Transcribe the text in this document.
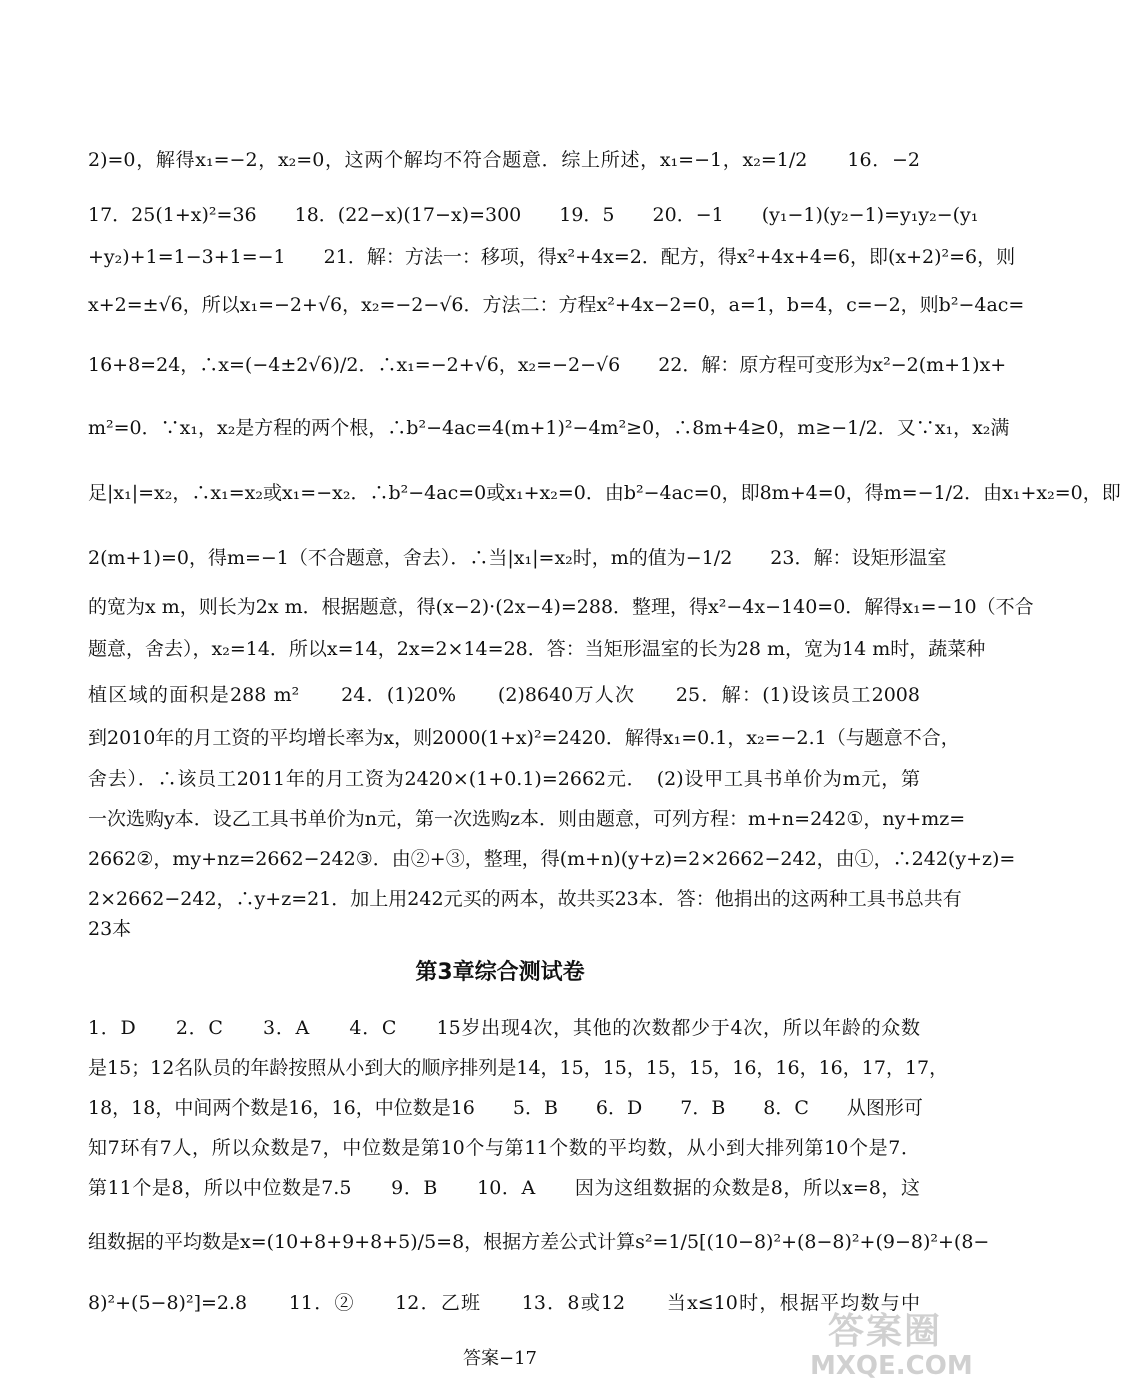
2)=0，解得x₁=−2，x₂=0，这两个解均不符合题意．综上所述，x₁=−1，x₂=1/2　　16．−2
17．25(1+x)²=36　　18．(22−x)(17−x)=300　　19．5　　20．−1　　(y₁−1)(y₂−1)=y₁y₂−(y₁
+y₂)+1=1−3+1=−1　　21．解：方法一：移项，得x²+4x=2．配方，得x²+4x+4=6，即(x+2)²=6，则
x+2=±√6，所以x₁=−2+√6，x₂=−2−√6．方法二：方程x²+4x−2=0，a=1，b=4，c=−2，则b²−4ac=
16+8=24，∴x=(−4±2√6)/2．∴x₁=−2+√6，x₂=−2−√6　　22．解：原方程可变形为x²−2(m+1)x+
m²=0．∵x₁，x₂是方程的两个根，∴b²−4ac=4(m+1)²−4m²≥0，∴8m+4≥0，m≥−1/2．又∵x₁，x₂满
足|x₁|=x₂，∴x₁=x₂或x₁=−x₂．∴b²−4ac=0或x₁+x₂=0．由b²−4ac=0，即8m+4=0，得m=−1/2．由x₁+x₂=0，即
2(m+1)=0，得m=−1（不合题意，舍去）．∴当|x₁|=x₂时，m的值为−1/2　　23．解：设矩形温室
的宽为x m，则长为2x m．根据题意，得(x−2)·(2x−4)=288．整理，得x²−4x−140=0．解得x₁=−10（不合
题意，舍去），x₂=14．所以x=14，2x=2×14=28．答：当矩形温室的长为28 m，宽为14 m时，蔬菜种
植区域的面积是288 m²　　24．(1)20%　　(2)8640万人次　　25．解：(1)设该员工2008
到2010年的月工资的平均增长率为x，则2000(1+x)²=2420．解得x₁=0.1，x₂=−2.1（与题意不合，
舍去）．∴该员工2011年的月工资为2420×(1+0.1)=2662元．　(2)设甲工具书单价为m元，第
一次选购y本．设乙工具书单价为n元，第一次选购z本．则由题意，可列方程：m+n=242①，ny+mz=
2662②，my+nz=2662−242③．由②+③，整理，得(m+n)(y+z)=2×2662−242，由①，∴242(y+z)=
2×2662−242，∴y+z=21．加上用242元买的两本，故共买23本．答：他捐出的这两种工具书总共有
23本
第3章综合测试卷
1．D　　2．C　　3．A　　4．C　　15岁出现4次，其他的次数都少于4次，所以年龄的众数
是15；12名队员的年龄按照从小到大的顺序排列是14，15，15，15，15，16，16，16，17，17，
18，18，中间两个数是16，16，中位数是16　　5．B　　6．D　　7．B　　8．C　　从图形可
知7环有7人，所以众数是7，中位数是第10个与第11个数的平均数，从小到大排列第10个是7．
第11个是8，所以中位数是7.5　　9．B　　10．A　　因为这组数据的众数是8，所以x=8，这
组数据的平均数是x=(10+8+9+8+5)/5=8，根据方差公式计算s²=1/5[(10−8)²+(8−8)²+(9−8)²+(8−
8)²+(5−8)²]=2.8　　11．②　　12．乙班　　13．8或12　　当x≤10时，根据平均数与中
答案−17
答案圈
MXQE.COM
